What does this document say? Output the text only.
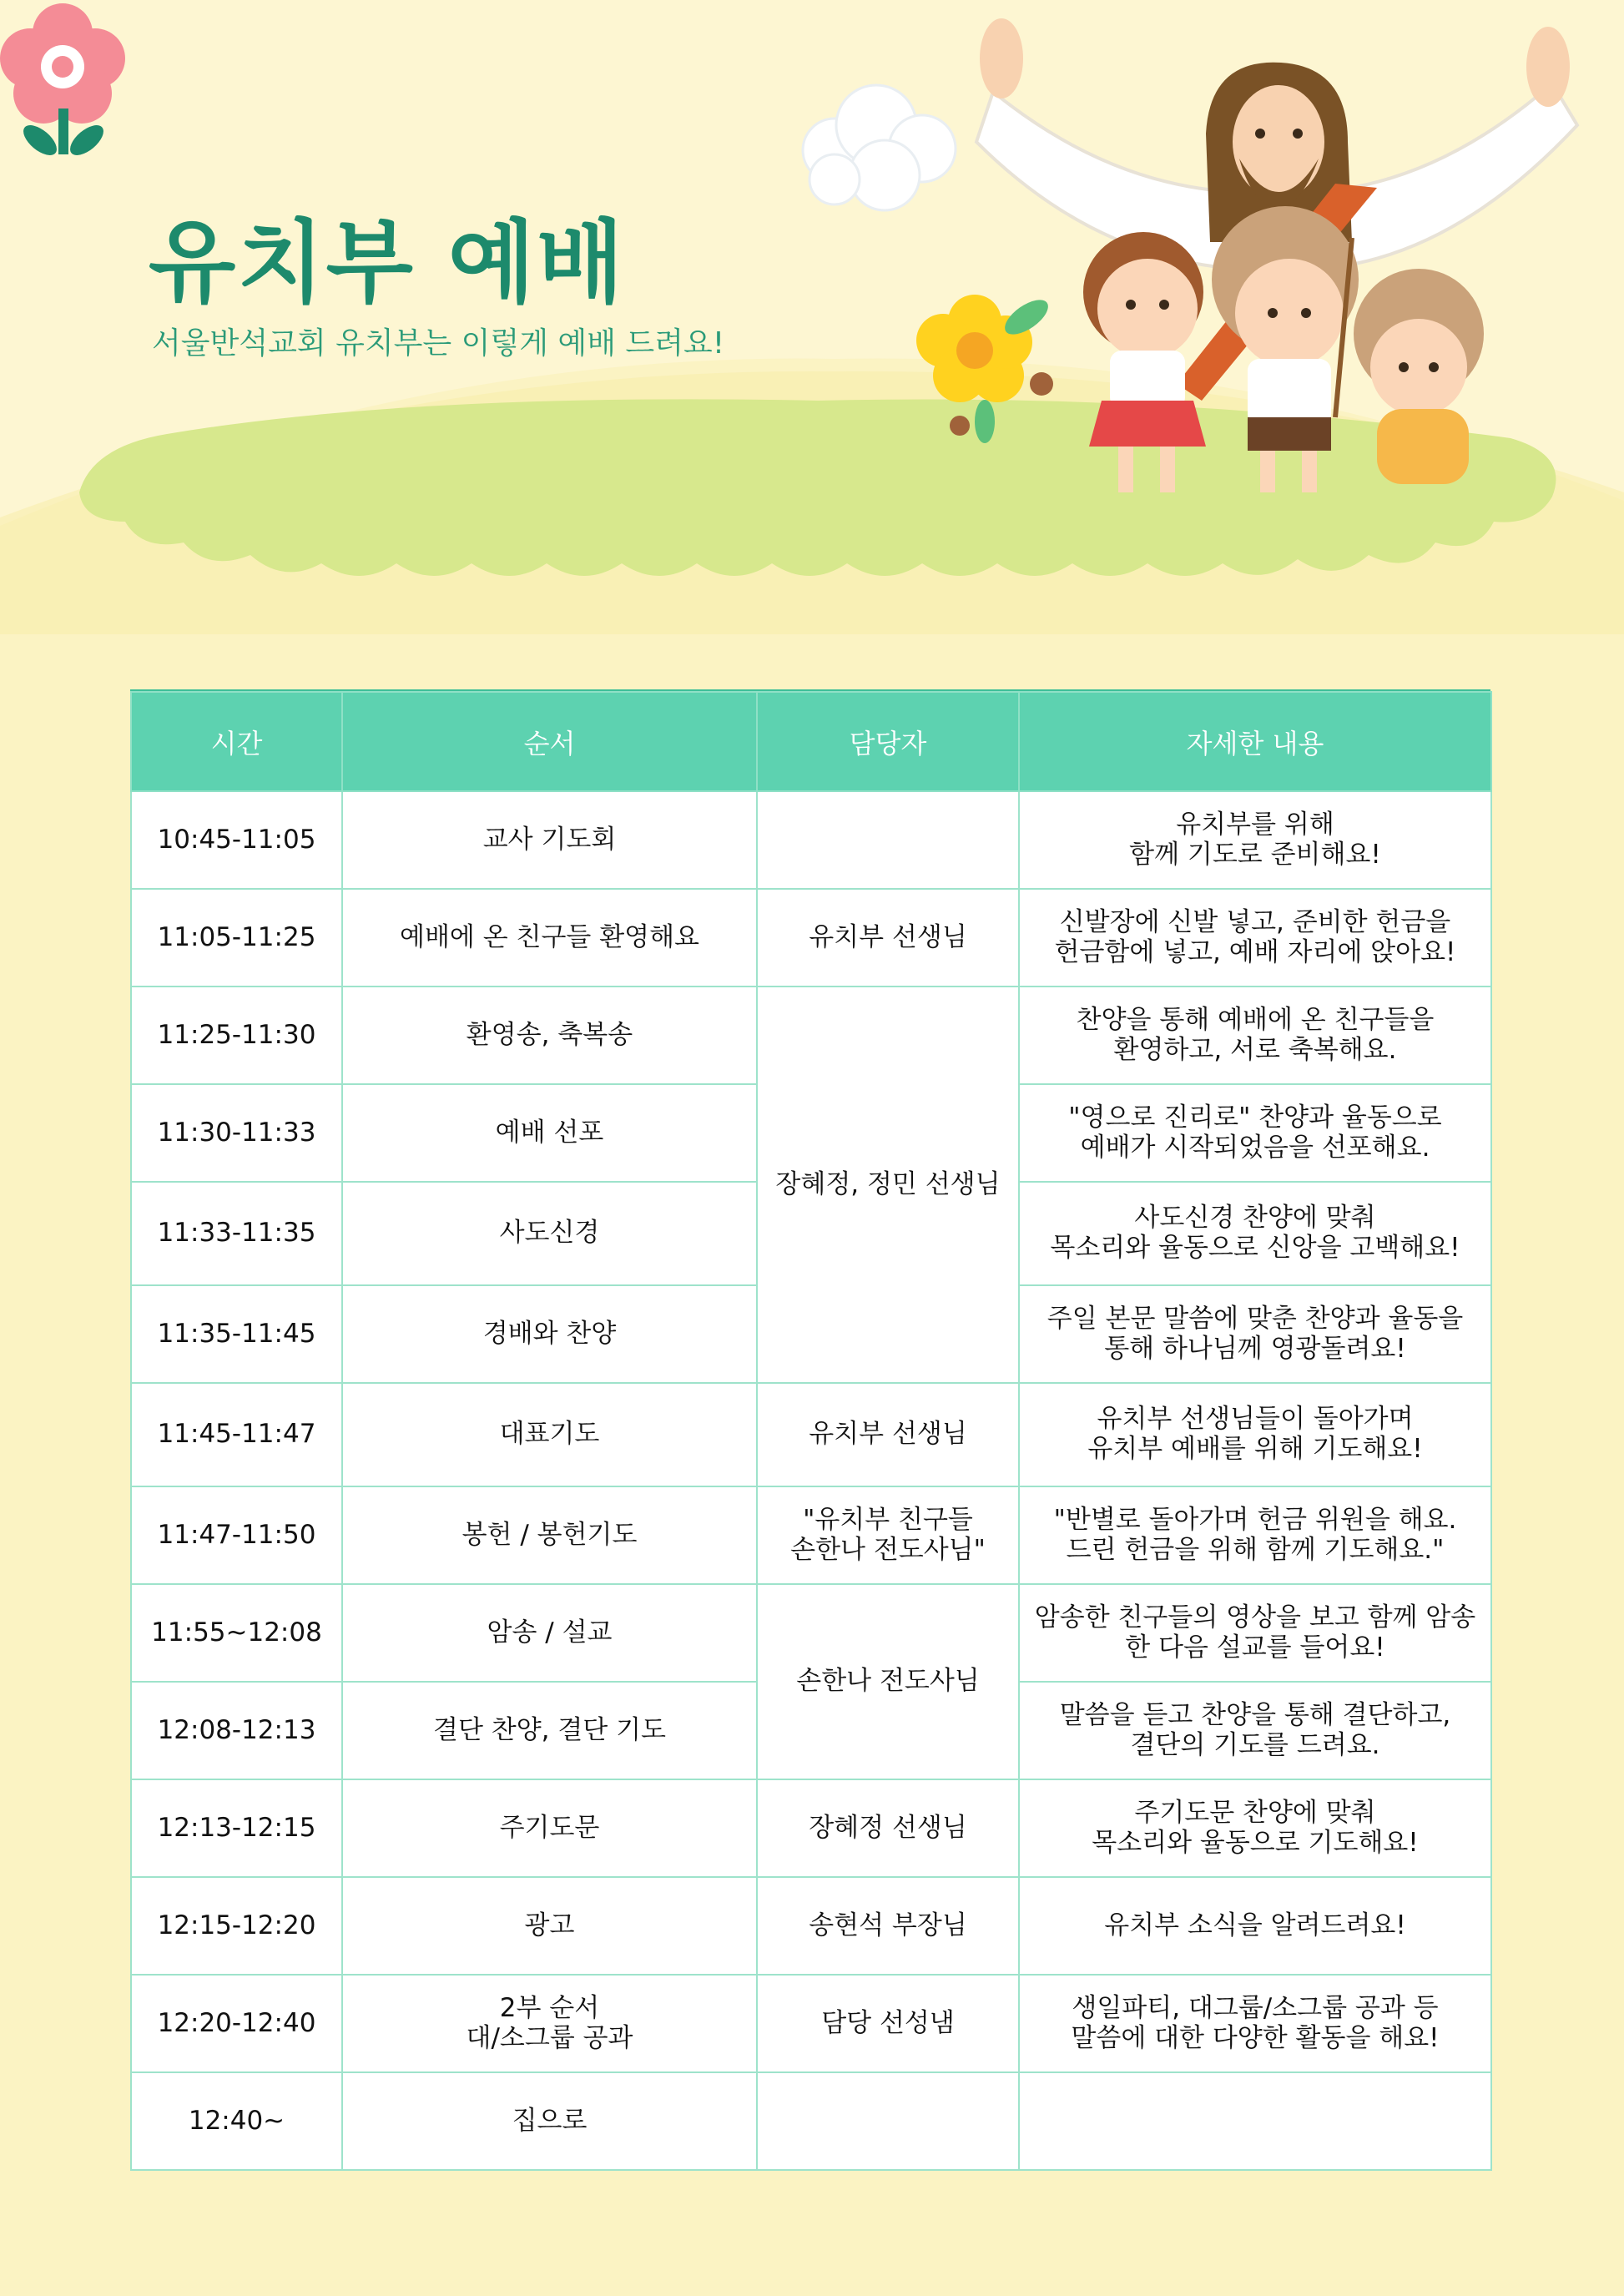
유치부 예배

서울반석교회 유치부는 이렇게 예배 드려요!

시간	순서	담당자	자세한 내용
10:45-11:05	교사 기도회		유치부를 위해
함께 기도로 준비해요!
11:05-11:25	예배에 온 친구들 환영해요	유치부 선생님	신발장에 신발 넣고, 준비한 헌금을
헌금함에 넣고, 예배 자리에 앉아요!
11:25-11:30	환영송, 축복송	장혜정, 정민 선생님	찬양을 통해 예배에 온 친구들을
환영하고, 서로 축복해요.
11:30-11:33	예배 선포		"영으로 진리로" 찬양과 율동으로
예배가 시작되었음을 선포해요.
11:33-11:35	사도신경		사도신경 찬양에 맞춰
목소리와 율동으로 신앙을 고백해요!
11:35-11:45	경배와 찬양		주일 본문 말씀에 맞춘 찬양과 율동을
통해 하나님께 영광돌려요!
11:45-11:47	대표기도	유치부 선생님	유치부 선생님들이 돌아가며
유치부 예배를 위해 기도해요!
11:47-11:50	봉헌 / 봉헌기도	"유치부 친구들
손한나 전도사님"	"반별로 돌아가며 헌금 위원을 해요.
드린 헌금을 위해 함께 기도해요."
11:55~12:08	암송 / 설교	손한나 전도사님	암송한 친구들의 영상을 보고 함께 암송
한 다음 설교를 들어요!
12:08-12:13	결단 찬양, 결단 기도		말씀을 듣고 찬양을 통해 결단하고,
결단의 기도를 드려요.
12:13-12:15	주기도문	장혜정 선생님	주기도문 찬양에 맞춰
목소리와 율동으로 기도해요!
12:15-12:20	광고	송현석 부장님	유치부 소식을 알려드려요!
12:20-12:40	2부 순서
대/소그룹 공과	담당 선성냄	생일파티, 대그룹/소그룹 공과 등
말씀에 대한 다양한 활동을 해요!
12:40~	집으로		
